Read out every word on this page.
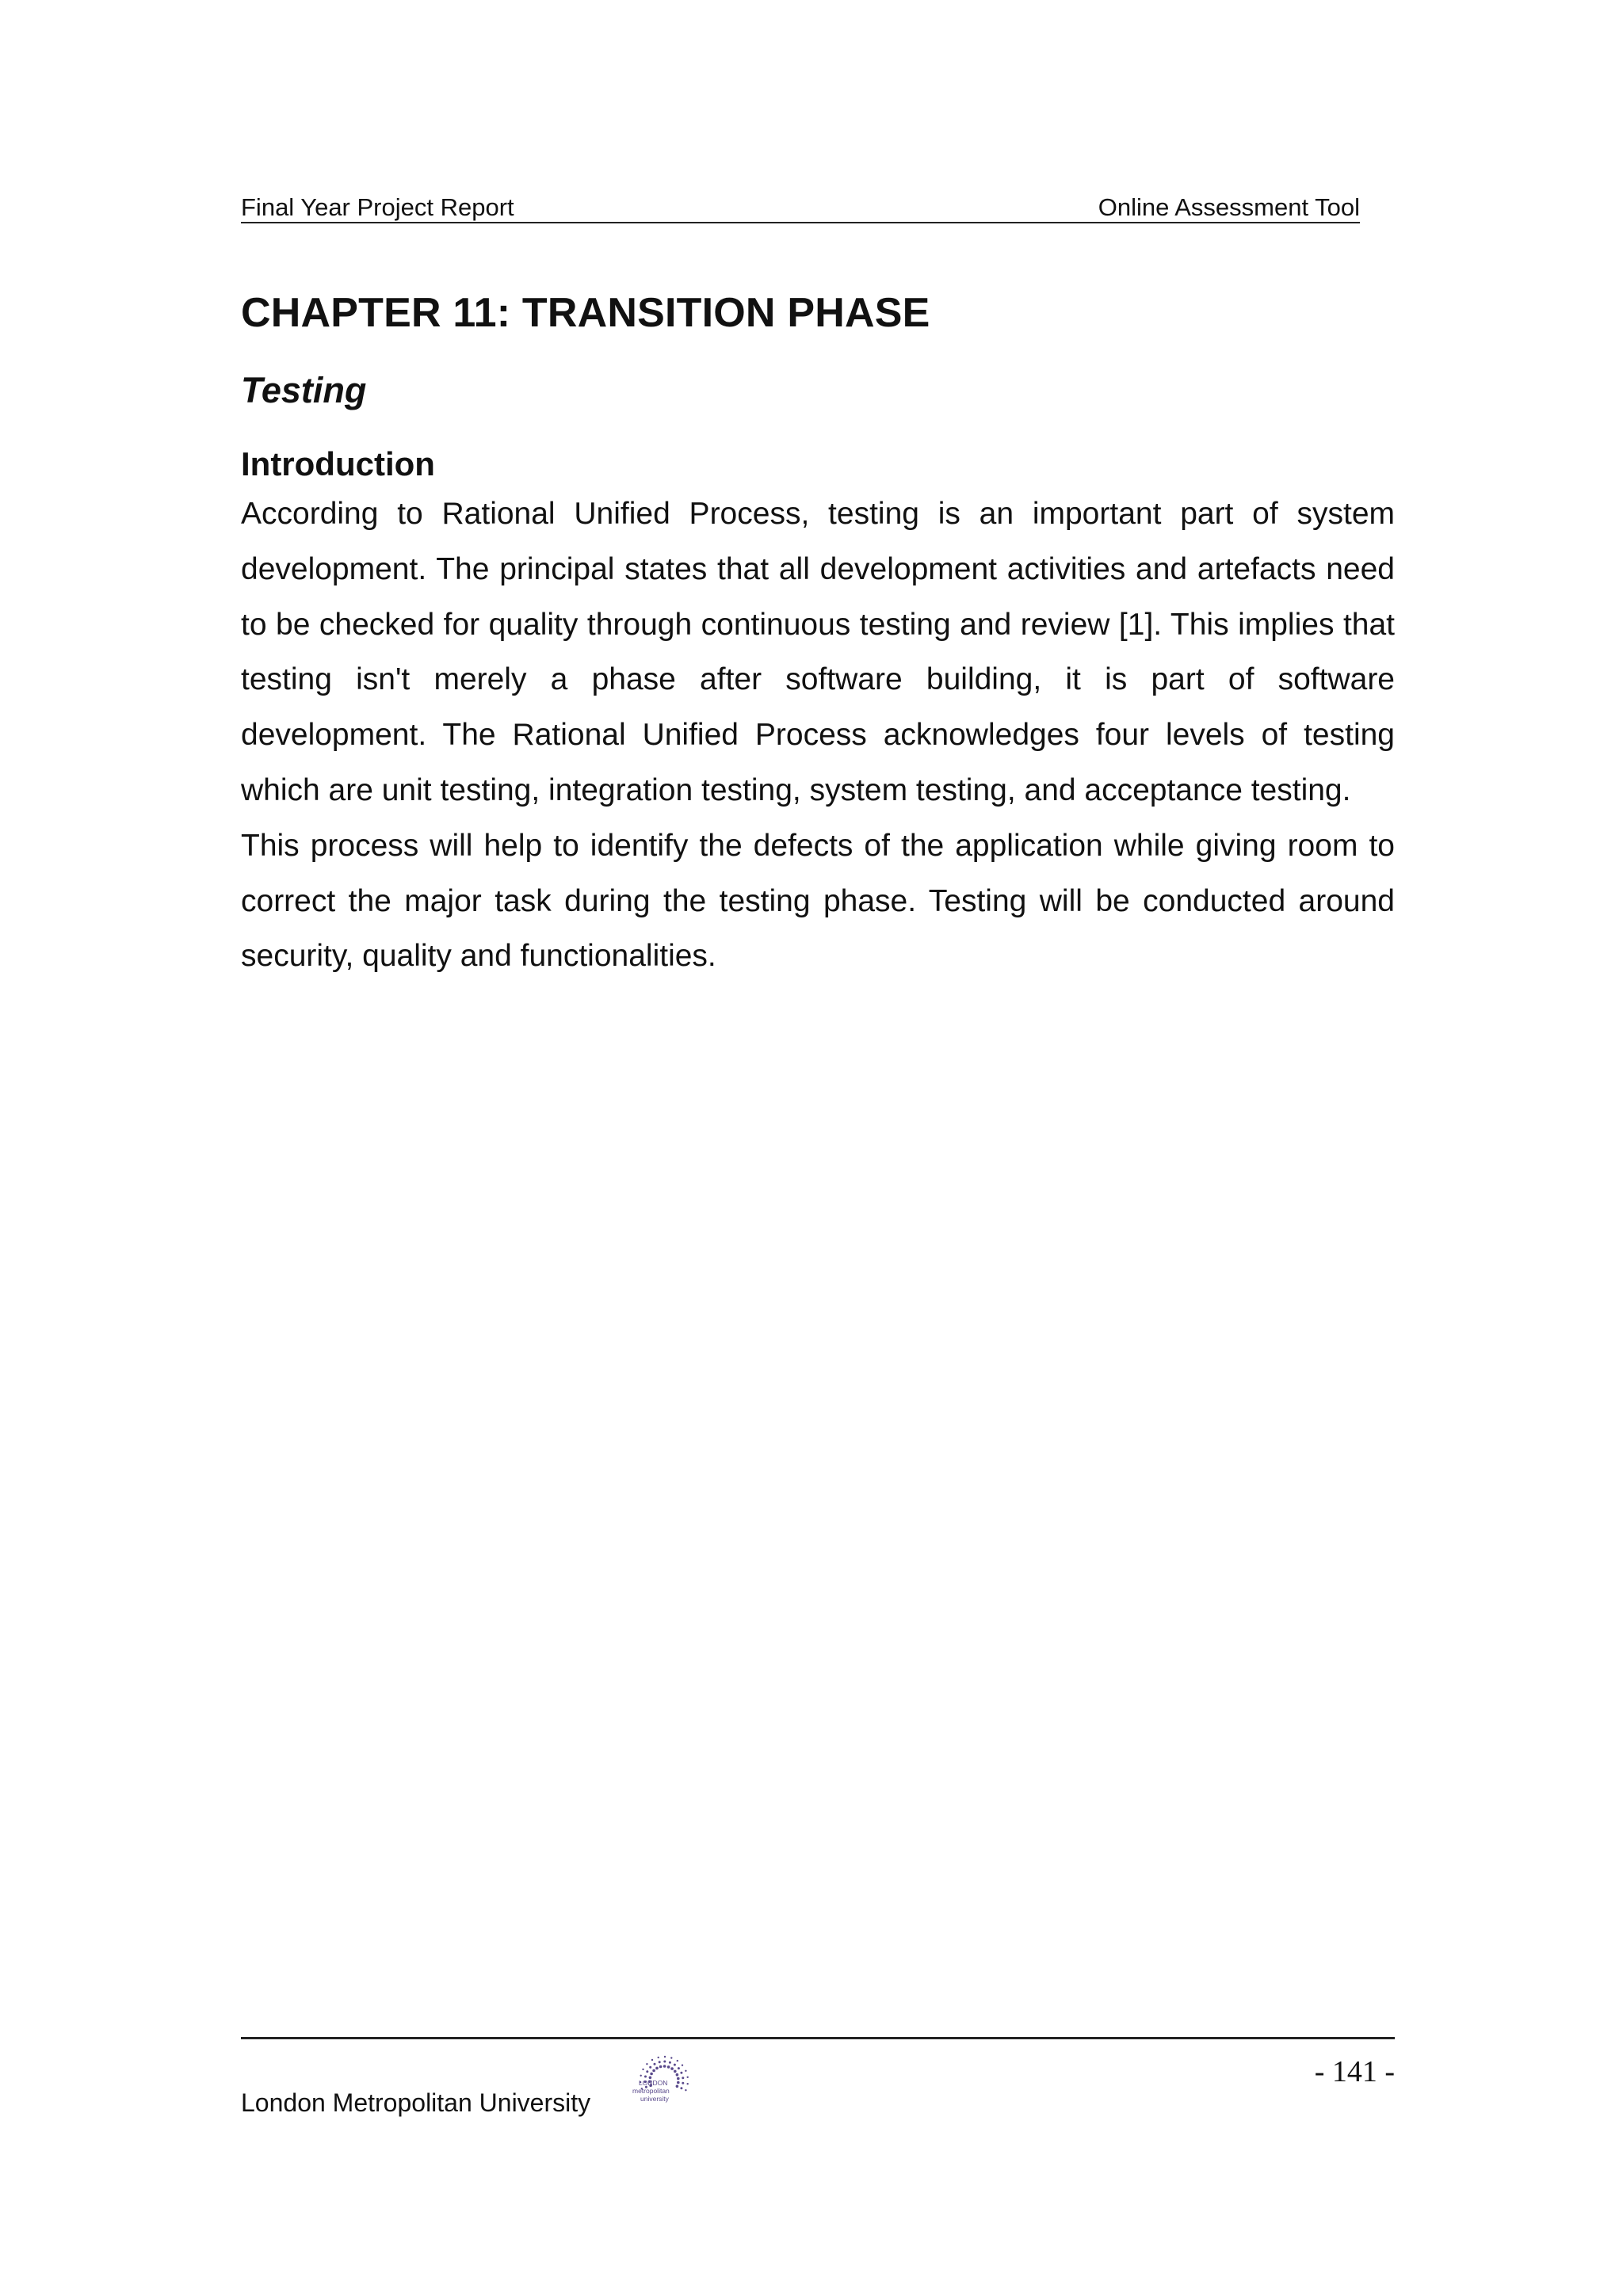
Final Year Project Report	Online Assessment Tool
CHAPTER 11: TRANSITION PHASE
Testing
Introduction

According to Rational Unified Process, testing is an important part of system development. The principal states that all development activities and artefacts need to be checked for quality through continuous testing and review [1]. This implies that testing isn't merely a phase after software building, it is part of software development. The Rational Unified Process acknowledges four levels of testing which are unit testing, integration testing, system testing, and acceptance testing.

This process will help to identify the defects of the application while giving room to correct the major task during the testing phase. Testing will be conducted around security, quality and functionalities.

London Metropolitan University
LONDON
metropolitan
university
- 141 -
